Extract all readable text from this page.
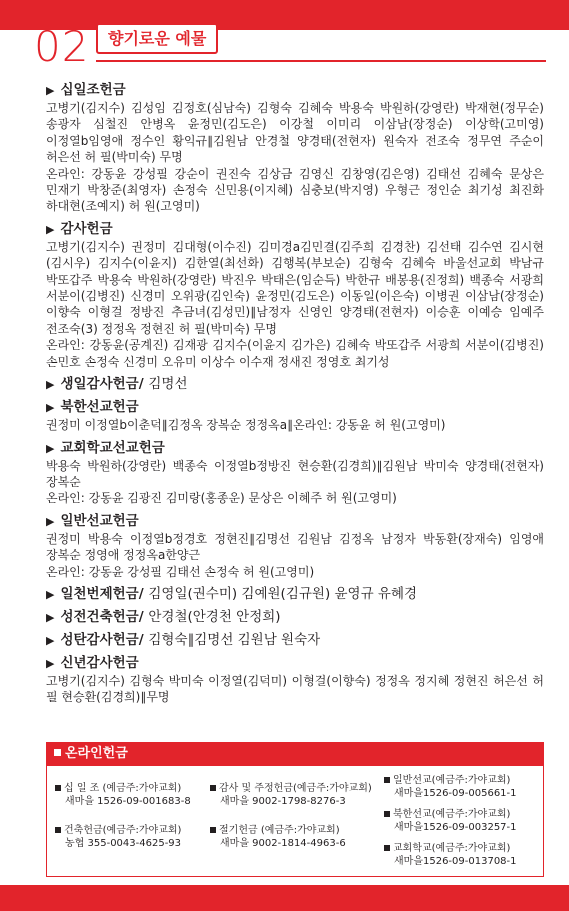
02	향기로운 예물
▶ 십일조헌금
고병기(김지수) 김성임 김정호(심남숙) 김형숙 김혜숙 박용숙 박원하(강영란) 박재현(정무순) 송광자 심철진 안병옥 윤정민(김도은) 이강철 이미리 이삼남(장정순) 이상학(고미영) 이정열b임영애 정수인 황익규∥김원남 안경철 양경태(전현자) 원숙자 전조숙 정무연 주순이 허은선 허 필(박미숙) 무명
온라인: 강동윤 강성필 강순이 권진숙 김상금 김영신 김창영(김은영) 김태선 김혜숙 문상은 민재기 박창준(최영자) 손정숙 신민용(이지혜) 심충보(박지영) 우형근 정인순 최기성 최진화 하대현(조예지) 허 원(고영미)
▶ 감사헌금
고병기(김지수) 권정미 김대형(이수진) 김미경a김민결(김주희 김경찬) 김선태 김수연 김시현(김시우) 김지수(이윤지) 김한열(최선화) 김행복(부보순) 김형숙 김혜숙 바울선교회 박남규 박또갑주 박용숙 박원하(강영란) 박진우 박태은(임순득) 박한규 배봉용(진정희) 백종숙 서광희 서분이(김병진) 신경미 오위광(김인숙) 윤정민(김도은) 이동일(이은숙) 이병권 이삼남(장정순) 이향숙 이형걸 정방진 추금녀(김성민)∥남정자 신영인 양경태(전현자) 이승훈 이예승 임예주 전조숙(3) 정정옥 정현진 허 필(박미숙) 무명
온라인: 강동윤(공계진) 김재광 김지수(이윤지 김가은) 김혜숙 박또갑주 서광희 서분이(김병진) 손민호 손정숙 신경미 오유미 이상수 이수재 정새진 정영호 최기성
▶ 생일감사헌금/ 김명선
▶ 북한선교헌금
권정미 이정열b이춘덕∥김정옥 장복순 정정옥a∥온라인: 강동윤 허 원(고영미)
▶ 교회학교선교헌금
박용숙 박원하(강영란) 백종숙 이정열b정방진 현승환(김경희)∥김원남 박미숙 양경태(전현자) 장복순
온라인: 강동윤 김광진 김미랑(홍종운) 문상은 이혜주 허 원(고영미)
▶ 일반선교헌금
권정미 박용숙 이정열b정경호 정현진∥김명선 김원남 김정옥 남정자 박동환(장재숙) 임영애 장복순 정영애 정정옥a한양근
온라인: 강동윤 강성필 김태선 손정숙 허 원(고영미)
▶ 일천번제헌금/ 김영일(권수미) 김예원(김규원) 윤영규 유혜경
▶ 성전건축헌금/ 안경철(안경천 안정희)
▶ 성탄감사헌금/ 김형숙∥김명선 김원남 원숙자
▶ 신년감사헌금
고병기(김지수) 김형숙 박미숙 이정열(김덕미) 이형걸(이향숙) 정정옥 정지혜 정현진 허은선 허 필 현승환(김경희)∥무명
온라인헌금
십 일 조 (예금주:가야교회)
새마을 1526-09-001683-8
건축헌금(예금주:가야교회)
농협 355-0043-4625-93
감사 및 주정헌금(예금주:가야교회)
새마을 9002-1798-8276-3
절기헌금 (예금주:가야교회)
새마을 9002-1814-4963-6
일반선교(예금주:가야교회)
새마을1526-09-005661-1
북한선교(예금주:가야교회)
새마을1526-09-003257-1
교회학교(예금주:가야교회)
새마을1526-09-013708-1
